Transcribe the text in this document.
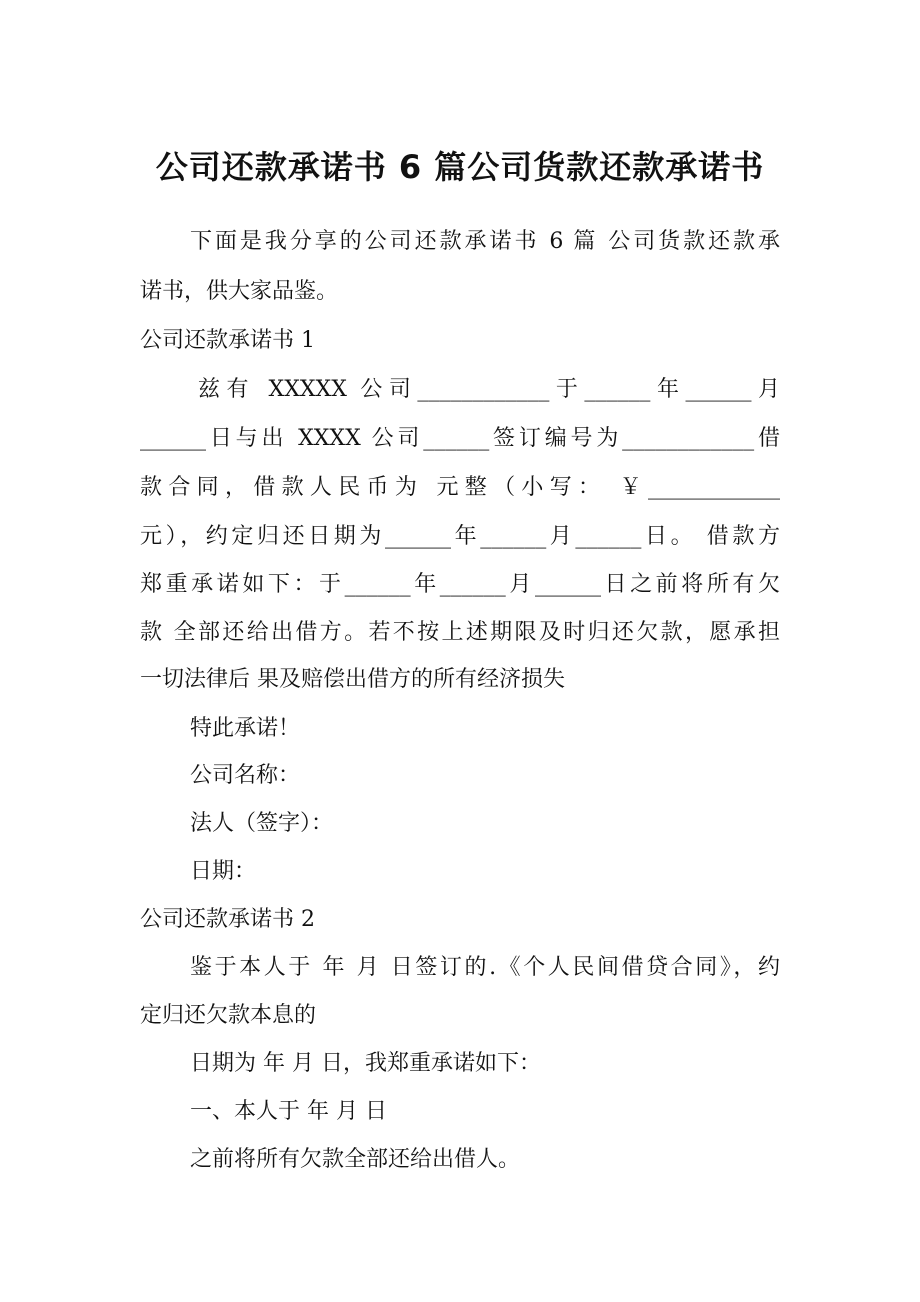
公司还款承诺书 6 篇公司货款还款承诺书
下面是我分享的公司还款承诺书 6 篇 公司货款还款承
诺书，供大家品鉴。
公司还款承诺书 1
兹有 XXXXX 公司____________于______年______月
______日与出 XXXX 公司______签订编号为____________借
款合同，借款人民币为 元整（小写： ￥____________
元），约定归还日期为______年______月______日。 借款方
郑重承诺如下：于______年______月______日之前将所有欠
款 全部还给出借方。若不按上述期限及时归还欠款，愿承担
一切法律后 果及赔偿出借方的所有经济损失
特此承诺！
公司名称：
法人（签字）：
日期：
公司还款承诺书 2
鉴于本人于 年 月 日签订的.《个人民间借贷合同》，约
定归还欠款本息的
日期为 年 月 日，我郑重承诺如下：
一、本人于 年 月 日
之前将所有欠款全部还给出借人。
